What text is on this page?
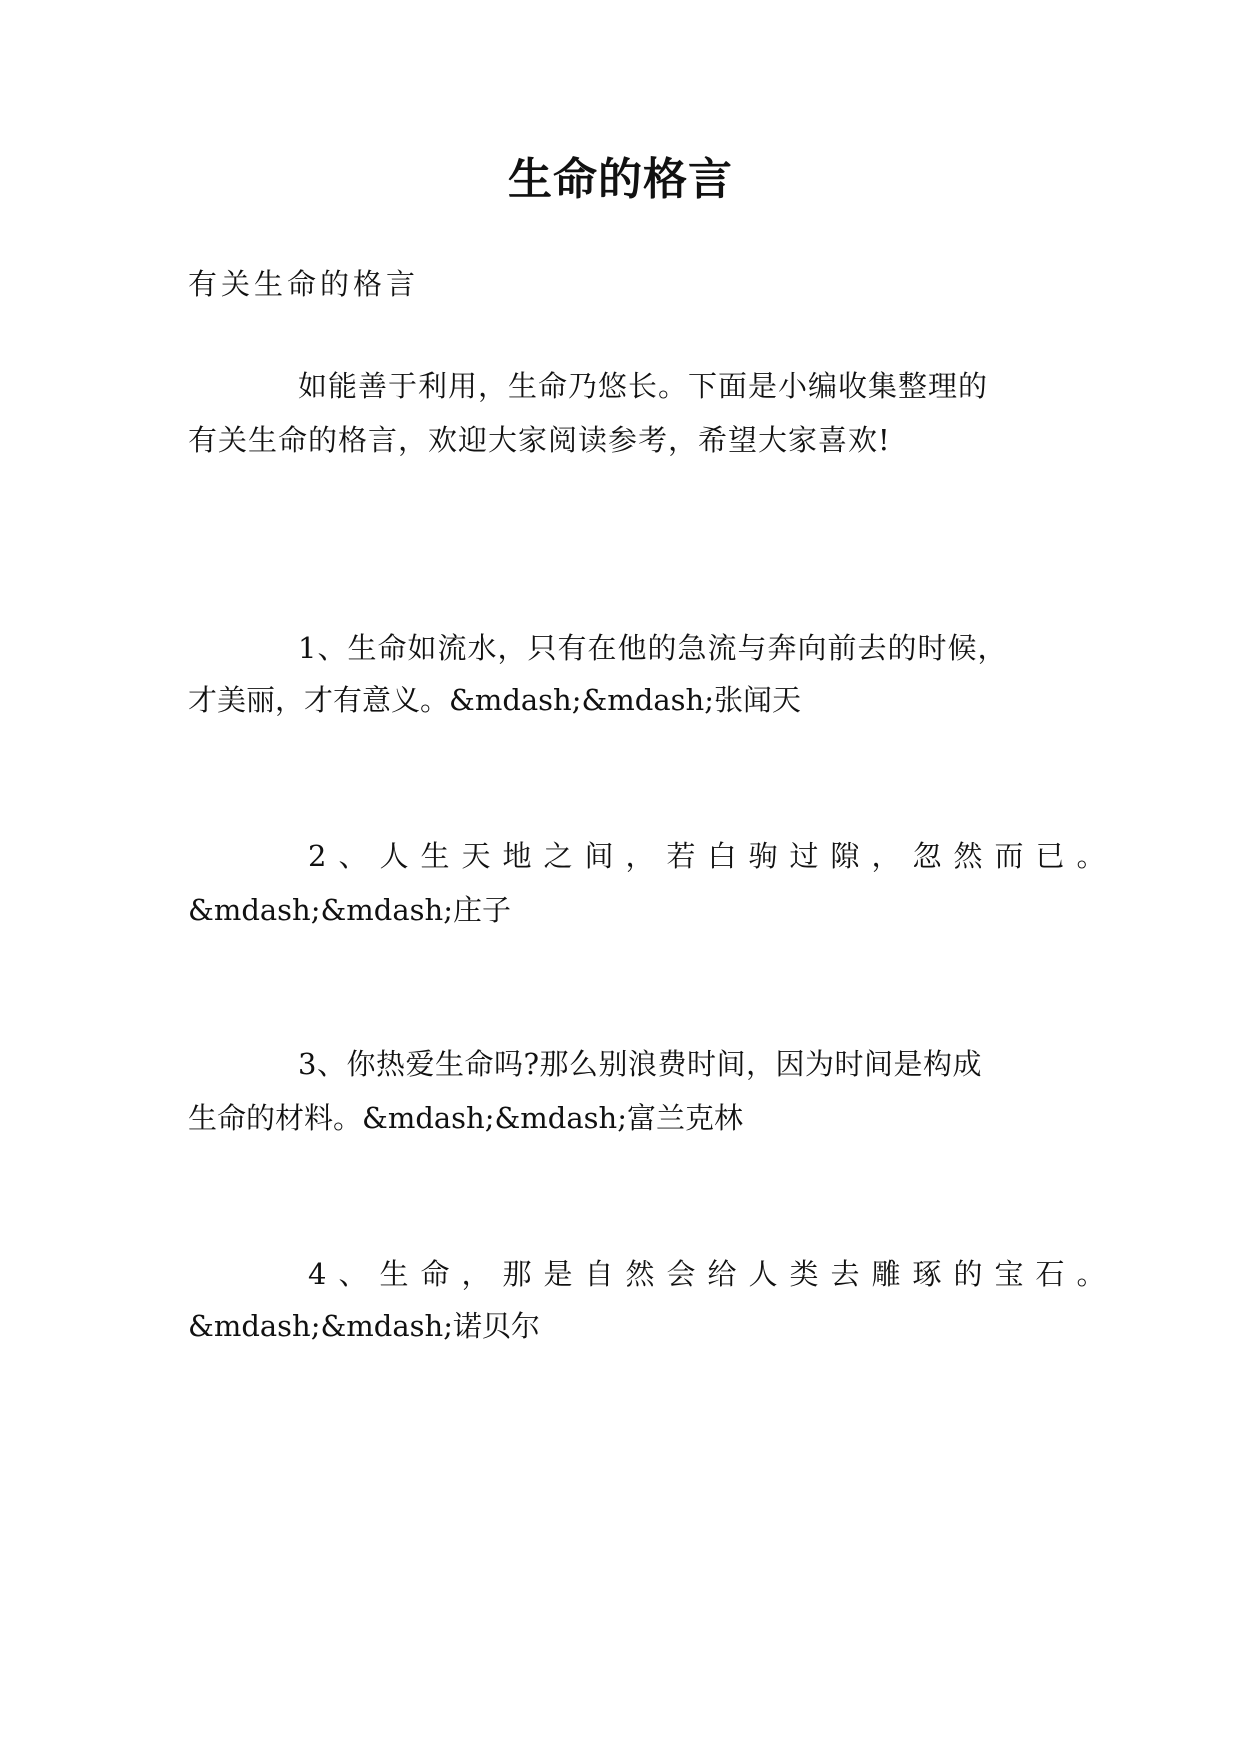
生命的格言

有关生命的格言

如能善于利用，生命乃悠长。下面是小编收集整理的

有关生命的格言，欢迎大家阅读参考，希望大家喜欢!

1、生命如流水，只有在他的急流与奔向前去的时候，

才美丽，才有意义。&mdash;&mdash;张闻天

2、人生天地之间，若白驹过隙，忽然而已。

&mdash;&mdash;庄子

3、你热爱生命吗?那么别浪费时间，因为时间是构成

生命的材料。&mdash;&mdash;富兰克林

4、生命，那是自然会给人类去雕琢的宝石。

&mdash;&mdash;诺贝尔
